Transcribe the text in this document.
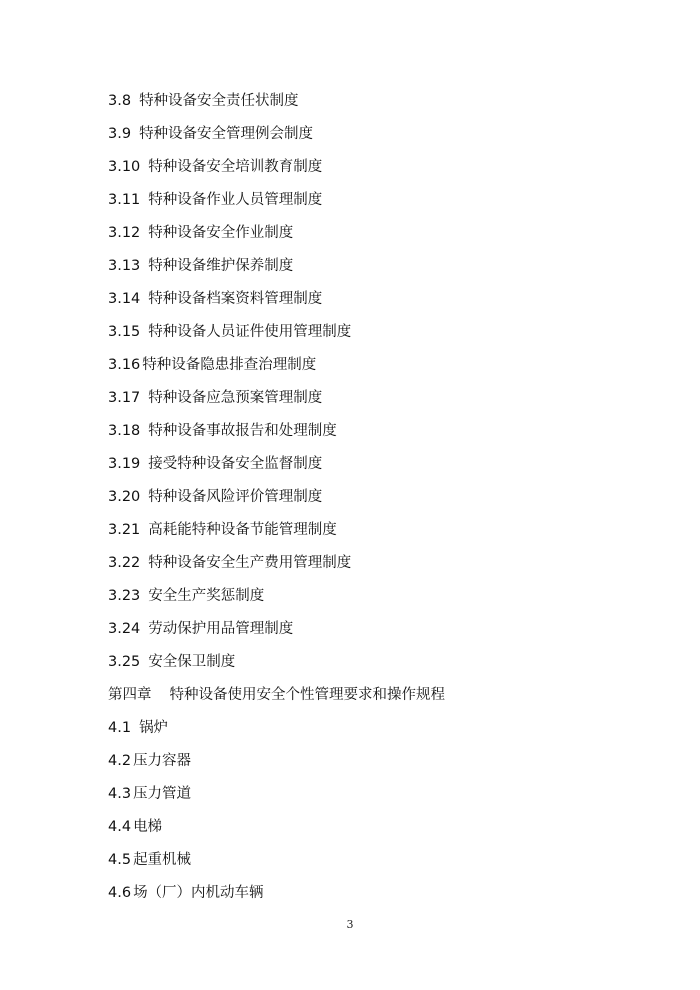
3.8 特种设备安全责任状制度
3.9 特种设备安全管理例会制度
3.10 特种设备安全培训教育制度
3.11 特种设备作业人员管理制度
3.12 特种设备安全作业制度
3.13 特种设备维护保养制度
3.14 特种设备档案资料管理制度
3.15 特种设备人员证件使用管理制度
3.16 特种设备隐患排查治理制度
3.17 特种设备应急预案管理制度
3.18 特种设备事故报告和处理制度
3.19 接受特种设备安全监督制度
3.20 特种设备风险评价管理制度
3.21 高耗能特种设备节能管理制度
3.22 特种设备安全生产费用管理制度
3.23 安全生产奖惩制度
3.24 劳动保护用品管理制度
3.25 安全保卫制度
第四章 特种设备使用安全个性管理要求和操作规程
4.1 锅炉
4.2 压力容器
4.3 压力管道
4.4 电梯
4.5 起重机械
4.6 场（厂）内机动车辆
3
